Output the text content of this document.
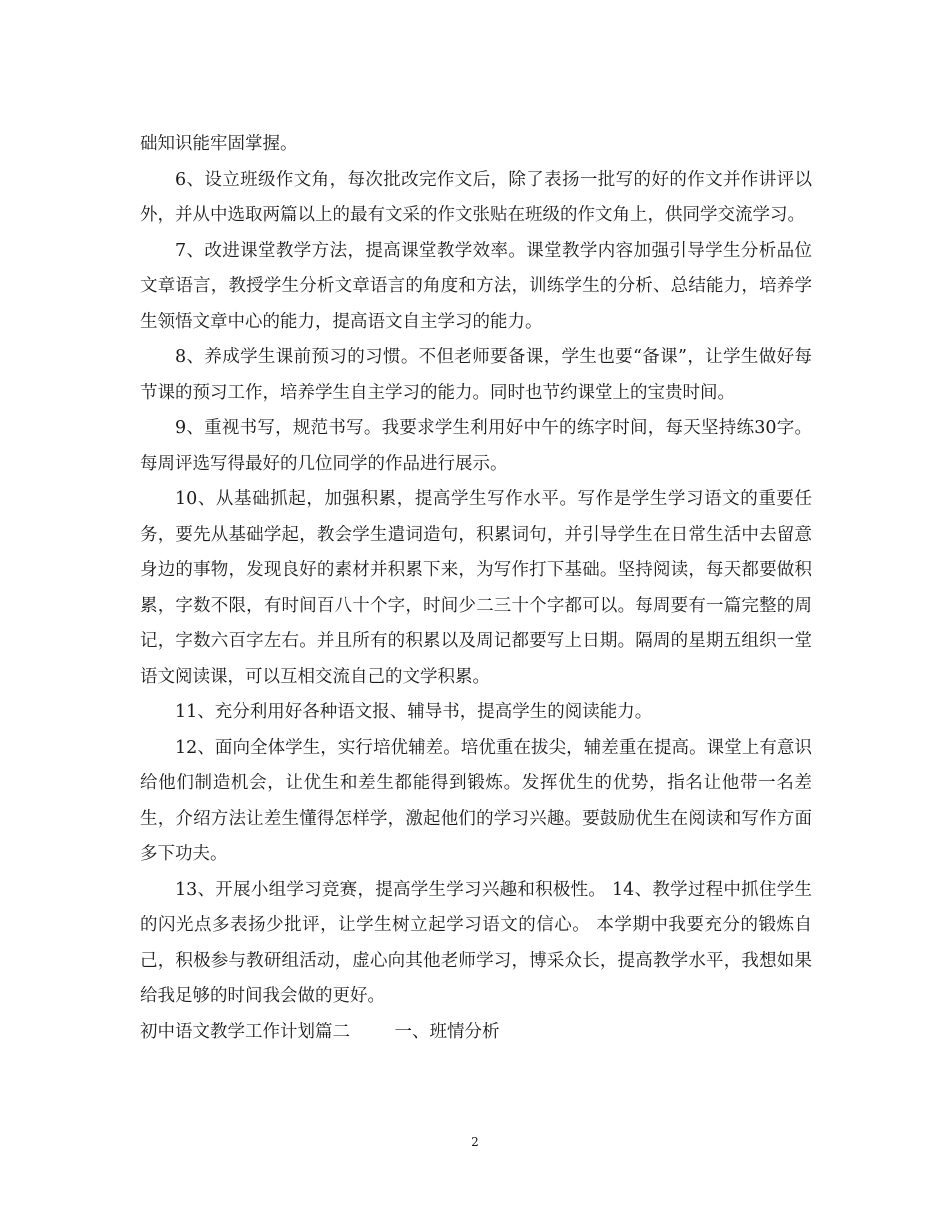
础知识能牢固掌握。

6、设立班级作文角，每次批改完作文后，除了表扬一批写的好的作文并作讲评以外，并从中选取两篇以上的最有文采的作文张贴在班级的作文角上，供同学交流学习。

7、改进课堂教学方法，提高课堂教学效率。课堂教学内容加强引导学生分析品位文章语言，教授学生分析文章语言的角度和方法，训练学生的分析、总结能力，培养学生领悟文章中心的能力，提高语文自主学习的能力。

8、养成学生课前预习的习惯。不但老师要备课，学生也要“备课”，让学生做好每节课的预习工作，培养学生自主学习的能力。同时也节约课堂上的宝贵时间。

9、重视书写，规范书写。我要求学生利用好中午的练字时间，每天坚持练30字。每周评选写得最好的几位同学的作品进行展示。

10、从基础抓起，加强积累，提高学生写作水平。写作是学生学习语文的重要任务，要先从基础学起，教会学生遣词造句，积累词句，并引导学生在日常生活中去留意身边的事物，发现良好的素材并积累下来，为写作打下基础。坚持阅读，每天都要做积累，字数不限，有时间百八十个字，时间少二三十个字都可以。每周要有一篇完整的周记，字数六百字左右。并且所有的积累以及周记都要写上日期。隔周的星期五组织一堂语文阅读课，可以互相交流自己的文学积累。

11、充分利用好各种语文报、辅导书，提高学生的阅读能力。

12、面向全体学生，实行培优辅差。培优重在拔尖，辅差重在提高。课堂上有意识给他们制造机会，让优生和差生都能得到锻炼。发挥优生的优势，指名让他带一名差生，介绍方法让差生懂得怎样学，激起他们的学习兴趣。要鼓励优生在阅读和写作方面多下功夫。

13、开展小组学习竞赛，提高学生学习兴趣和积极性。 14、教学过程中抓住学生的闪光点多表扬少批评，让学生树立起学习语文的信心。 本学期中我要充分的锻炼自己，积极参与教研组活动，虚心向其他老师学习，博采众长，提高教学水平，我想如果给我足够的时间我会做的更好。

初中语文教学工作计划篇二	一、班情分析

2
